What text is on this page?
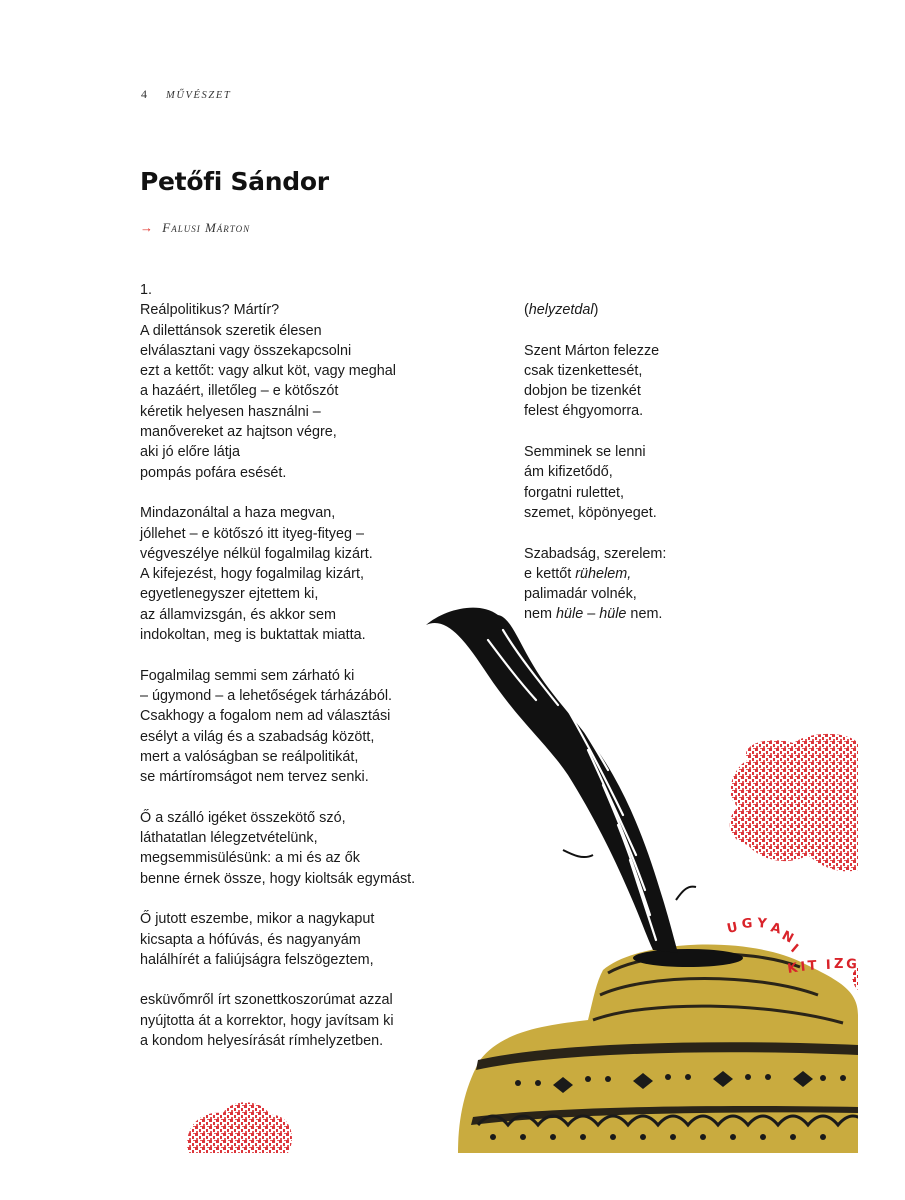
U G Y A
N
I
K I T I Z G
4 MŰVÉSZET
Petőfi Sándor
→ Falusi Márton
1.
Reálpolitikus? Mártír?
A dilettánsok szeretik élesen
elválasztani vagy összekapcsolni
ezt a kettőt: vagy alkut köt, vagy meghal
a hazáért, illetőleg – e kötőszót
kéretik helyesen használni –
manővereket az hajtson végre,
aki jó előre látja
pompás pofára esését.
Mindazonáltal a haza megvan,
jóllehet – e kötőszó itt ityeg-fityeg –
végveszélye nélkül fogalmilag kizárt.
A kifejezést, hogy fogalmilag kizárt,
egyetlenegyszer ejtettem ki,
az államvizsgán, és akkor sem
indokoltan, meg is buktattak miatta.
Fogalmilag semmi sem zárható ki
– úgymond – a lehetőségek tárházából.
Csakhogy a fogalom nem ad választási
esélyt a világ és a szabadság között,
mert a valóságban se reálpolitikát,
se mártíromságot nem tervez senki.
Ő a szálló igéket összekötő szó,
láthatatlan lélegzetvételünk,
megsemmisülésünk: a mi és az ők
benne érnek össze, hogy kioltsák egymást.
Ő jutott eszembe, mikor a nagykaput
kicsapta a hófúvás, és nagyanyám
halálhírét a faliújságra felszögeztem,
esküvőmről írt szonettkoszorúmat azzal
nyújtotta át a korrektor, hogy javítsam ki
a kondom helyesírását rímhelyzetben.
(helyzetdal)
Szent Márton felezze
csak tizenkettesét,
dobjon be tizenkét
felest éhgyomorra.
Semminek se lenni
ám kifizetődő,
forgatni rulettet,
szemet, köpönyeget.
Szabadság, szerelem:
e kettőt rühelem,
palimadár volnék,
nem hüle – hüle nem.
